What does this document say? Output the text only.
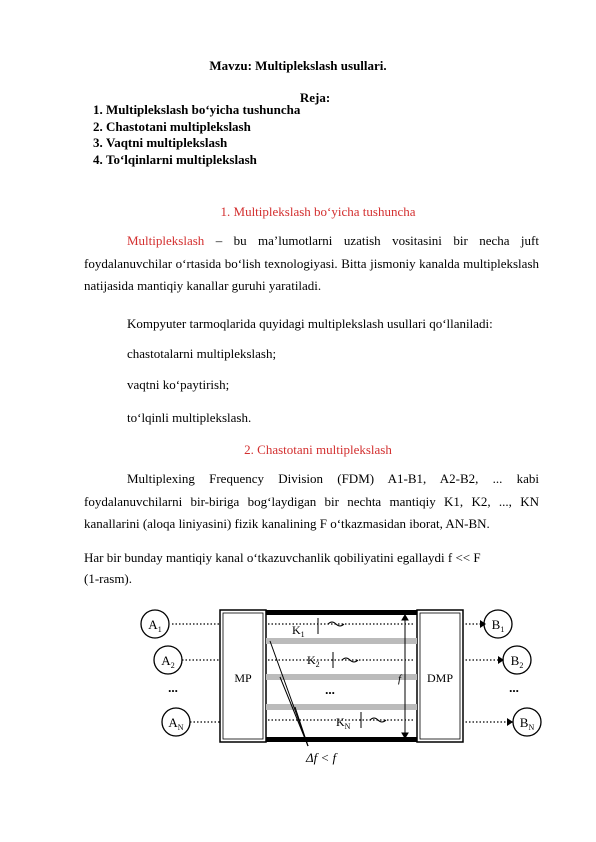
Mavzu: Multiplekslash usullari.
Reja:
1. Multiplekslash bo‘yicha tushuncha
2. Chastotani multiplekslash
3. Vaqtni multiplekslash
4. To‘lqinlarni multiplekslash
1. Multiplekslash bo‘yicha tushuncha
Multiplekslash – bu ma’lumotlarni uzatish vositasini bir necha juft foydalanuvchilar o‘rtasida bo‘lish texnologiyasi. Bitta jismoniy kanalda multiplekslash natijasida mantiqiy kanallar guruhi yaratiladi.
Kompyuter tarmoqlarida quyidagi multiplekslash usullari qo‘llaniladi:
chastotalarni multiplekslash;
vaqtni ko‘paytirish;
to‘lqinli multiplekslash.
2. Chastotani multiplekslash
Multiplexing Frequency Division (FDM) A1-B1, A2-B2, ... kabi foydalanuvchilarni bir-biriga bog‘laydigan bir nechta mantiqiy K1, K2, ..., KN kanallarini (aloqa liniyasini) fizik kanalining F o‘tkazmasidan iborat, AN-BN.
Har bir bunday mantiqiy kanal o‘tkazuvchanlik qobiliyatini egallaydi f << F
(1-rasm).
MP	DMP
$A_1$
$A_2$
...
$A_N$
$B_1$
$B_2$
...
$B_N$
$K_1$
$K_2$
$K_N$
...
f
Δf < f
